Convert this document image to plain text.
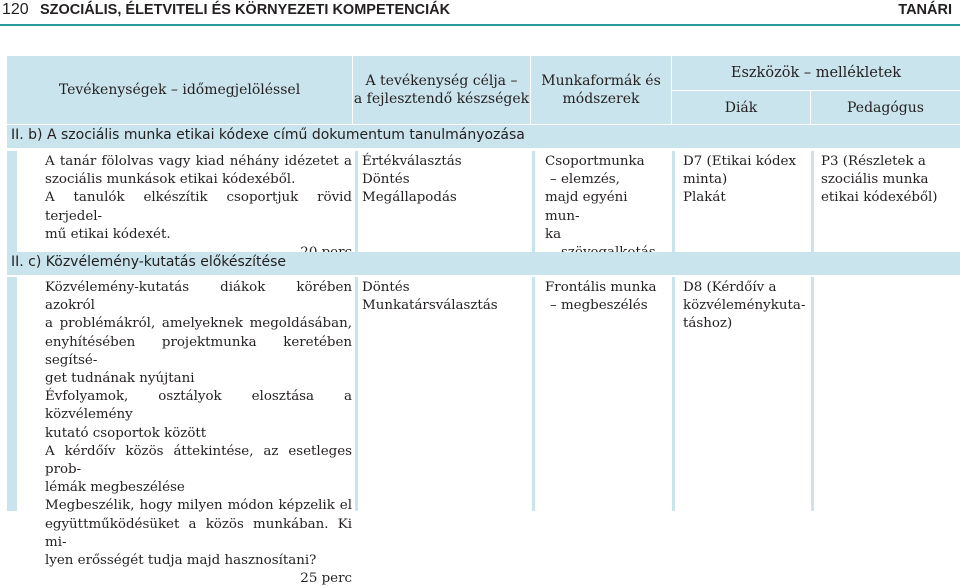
120 SZOCIÁLIS, ÉLETVITELI ÉS KÖRNYEZETI KOMPETENCIÁK	TANÁRI
Tevékenységek – időmegjelöléssel
A tevékenység célja –
a fejlesztendő készségek
Munkaformák és
módszerek
Eszközök – mellékletek
Diák	Pedagógus
II. b) A szociális munka etikai kódexe című dokumentum tanulmányozása
A tanár fölolvas vagy kiad néhány idézetet a
szociális munkások etikai kódexéből.
A tanulók elkészítik csoportjuk rövid terjedel-
mű etikai kódexét.
Értékválasztás
Döntés
Megállapodás
Csoportmunka
– elemzés,
majd egyéni mun-
ka
D7 (Etikai kódex
minta)
Plakát
P3 (Részletek a
szociális munka
etikai kódexéből)
II. c) Közvélemény-kutatás előkészítése
Közvélemény-kutatás diákok körében azokról
a problémákról, amelyeknek megoldásában,
enyhítésében projektmunka keretében segítsé-
get tudnának nyújtani
Évfolyamok, osztályok elosztása a közvélemény
kutató csoportok között
A kérdőív közös áttekintése, az esetleges prob-
lémák megbeszélése
Megbeszélik, hogy milyen módon képzelik el
együttműködésüket a közös munkában. Ki mi-
lyen erősségét tudja majd hasznosítani?
25 perc
Döntés
Munkatársválasztás
Frontális munka
– megbeszélés
D8 (Kérdőív a
közvéleménykuta-
táshoz)
